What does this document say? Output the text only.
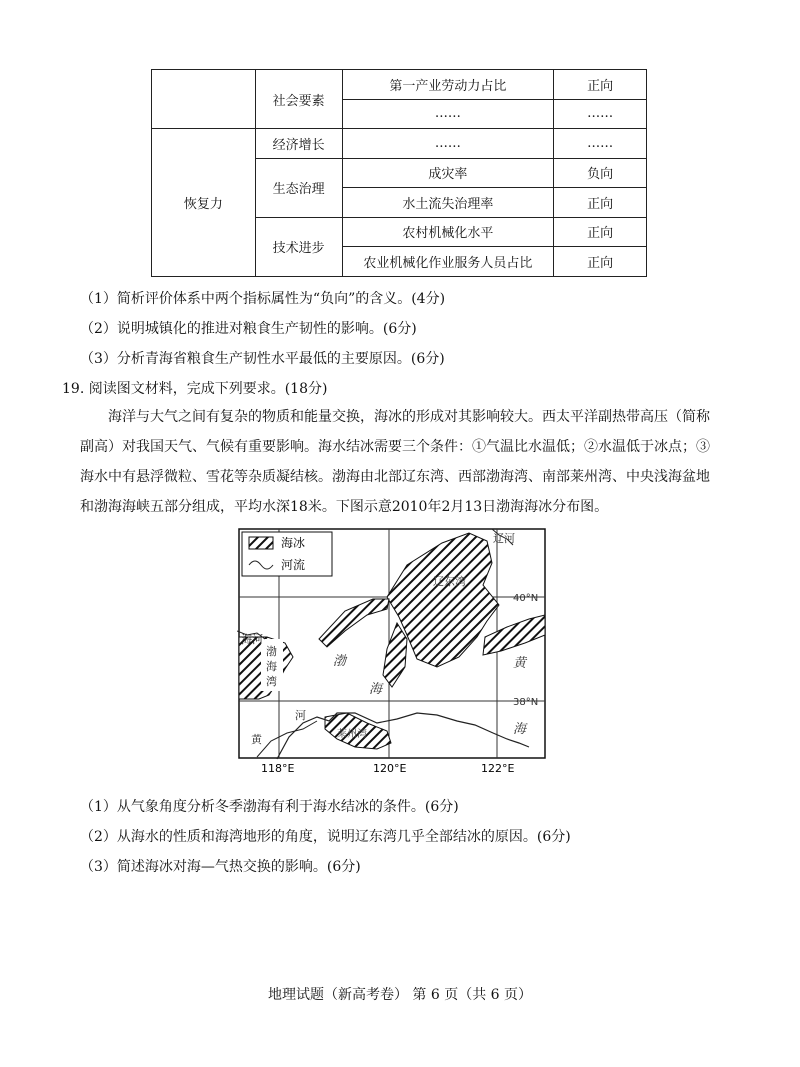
	社会要素	第一产业劳动力占比	正向
		……	……
恢复力	经济增长	……	……
	生态治理	成灾率	负向
		水土流失治理率	正向
	技术进步	农村机械化水平	正向
		农业机械化作业服务人员占比	正向
（1）简析评价体系中两个指标属性为“负向”的含义。(4分)
（2）说明城镇化的推进对粮食生产韧性的影响。(6分)
（3）分析青海省粮食生产韧性水平最低的主要原因。(6分)
19. 阅读图文材料，完成下列要求。(18分)
海洋与大气之间有复杂的物质和能量交换，海冰的形成对其影响较大。西太平洋副热带高压（简称副高）对我国天气、气候有重要影响。海水结冰需要三个条件：①气温比水温低；②水温低于冰点；③海水中有悬浮微粒、雪花等杂质凝结核。渤海由北部辽东湾、西部渤海湾、南部莱州湾、中央浅海盆地和渤海海峡五部分组成，平均水深18米。下图示意2010年2月13日渤海海冰分布图。
海冰
河流
辽河
辽东湾
海河
渤
海
湾
渤
海
黄
海
河
黄	莱州湾
118°E	120°E	122°E
40°N
38°N
（1）从气象角度分析冬季渤海有利于海水结冰的条件。(6分)
（2）从海水的性质和海湾地形的角度，说明辽东湾几乎全部结冰的原因。(6分)
（3）简述海冰对海—气热交换的影响。(6分)
地理试题（新高考卷） 第 6 页（共 6 页）
